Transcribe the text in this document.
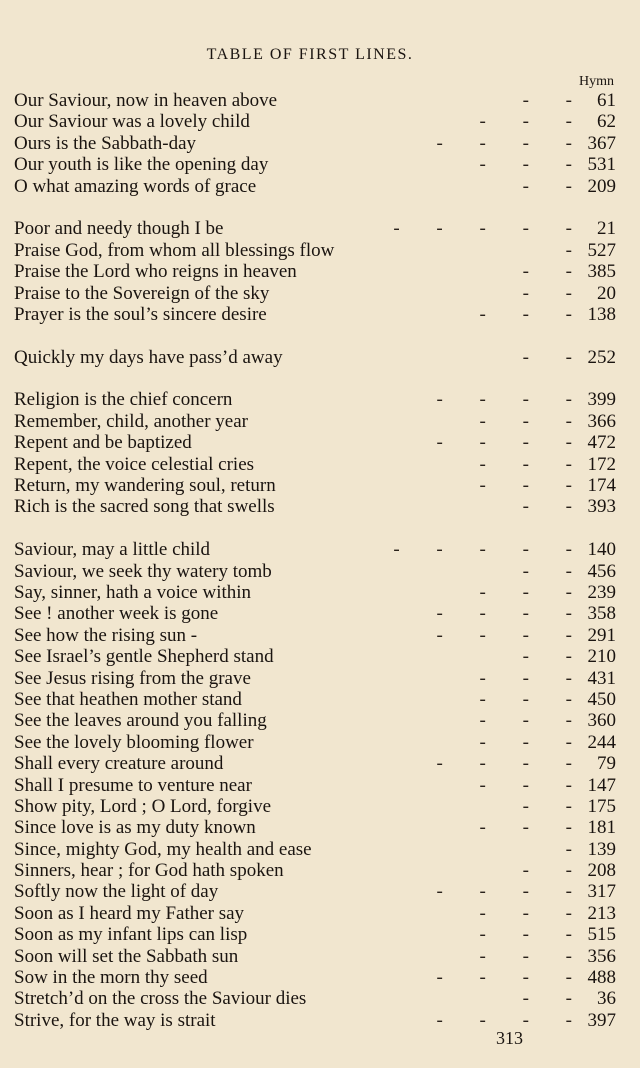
TABLE OF FIRST LINES.
Hymn
Our Saviour, now in heaven above	- -	61
Our Saviour was a lovely child	- - -	62
Ours is the Sabbath-day	- - - - 367
Our youth is like the opening day	- - - 531
O what amazing words of grace	- - 209
Poor and needy though I be	- - - - -	21
Praise God, from whom all blessings flow	- 527
Praise the Lord who reigns in heaven	- - 385
Praise to the Sovereign of the sky	- -	20
Prayer is the soul’s sincere desire	- - - 138
Quickly my days have pass’d away	- - 252
Religion is the chief concern	- - - - 399
Remember, child, another year	- - - 366
Repent and be baptized	- - - - 472
Repent, the voice celestial cries	- - - 172
Return, my wandering soul, return	- - - 174
Rich is the sacred song that swells	- - 393
Saviour, may a little child	- - - - - 140
Saviour, we seek thy watery tomb	- - 456
Say, sinner, hath a voice within	- - - 239
See ! another week is gone	- - - - 358
See how the rising sun -	- - - - 291
See Israel’s gentle Shepherd stand	- - 210
See Jesus rising from the grave	- - - 431
See that heathen mother stand	- - - 450
See the leaves around you falling	- - - 360
See the lovely blooming flower	- - - 244
Shall every creature around	- - - -	79
Shall I presume to venture near	- - - 147
Show pity, Lord ; O Lord, forgive	- - 175
Since love is as my duty known	- - - 181
Since, mighty God, my health and ease	- 139
Sinners, hear ; for God hath spoken	- - 208
Softly now the light of day	- - - - 317
Soon as I heard my Father say	- - - 213
Soon as my infant lips can lisp	- - - 515
Soon will set the Sabbath sun	- - - 356
Sow in the morn thy seed	- - - - 488
Stretch’d on the cross the Saviour dies	- -	36
Strive, for the way is strait	- - - - 397
313
